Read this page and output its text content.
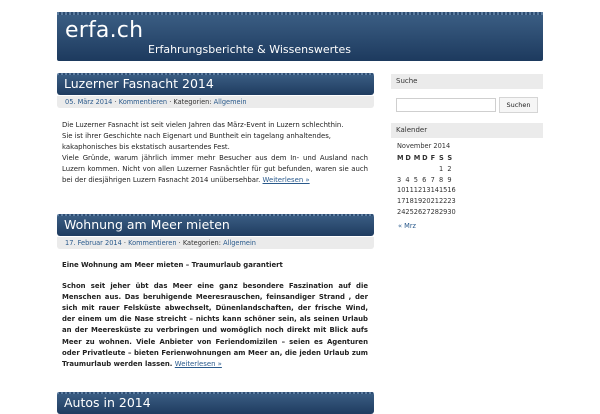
erfa.ch
Erfahrungsberichte & Wissenswertes
Luzerner Fasnacht 2014
05. März 2014 · Kommentieren · Kategorien: Allgemein

Die Luzerner Fasnacht ist seit vielen Jahren das März-Event in Luzern schlechthin.

Sie ist ihrer Geschichte nach Eigenart und Buntheit ein tagelang anhaltendes, kakaphonisches bis ekstatisch ausartendes Fest.

Viele Gründe, warum jährlich immer mehr Besucher aus dem In- und Ausland nach Luzern kommen. Nicht von allen Luzerner Fasnächtler für gut befunden, waren sie auch bei der diesjährigen Luzern Fasnacht 2014 unübersehbar. Weiterlesen »

Wohnung am Meer mieten
17. Februar 2014 · Kommentieren · Kategorien: Allgemein

Eine Wohnung am Meer mieten – Traumurlaub garantiert

Schon seit jeher übt das Meer eine ganz besondere Faszination auf die Menschen aus. Das beruhigende Meeresrauschen, feinsandiger Strand , der sich mit rauer Felsküste abwechselt, Dünenlandschaften, der frische Wind, der einem um die Nase streicht – nichts kann schöner sein, als seinen Urlaub an der Meeresküste zu verbringen und womöglich noch direkt mit Blick aufs Meer zu wohnen. Viele Anbieter von Feriendomizilen – seien es Agenturen oder Privatleute – bieten Ferienwohnungen am Meer an, die jeden Urlaub zum Traumurlaub werden lassen. Weiterlesen »

Autos in 2014
Suche
Suchen
Kalender
November 2014
M	D	M	D	F	S	S
					1	2
3	4	5	6	7	8	9
10	11	12	13	14	15	16
17	18	19	20	21	22	23
24	25	26	27	28	29	30
« Mrz
